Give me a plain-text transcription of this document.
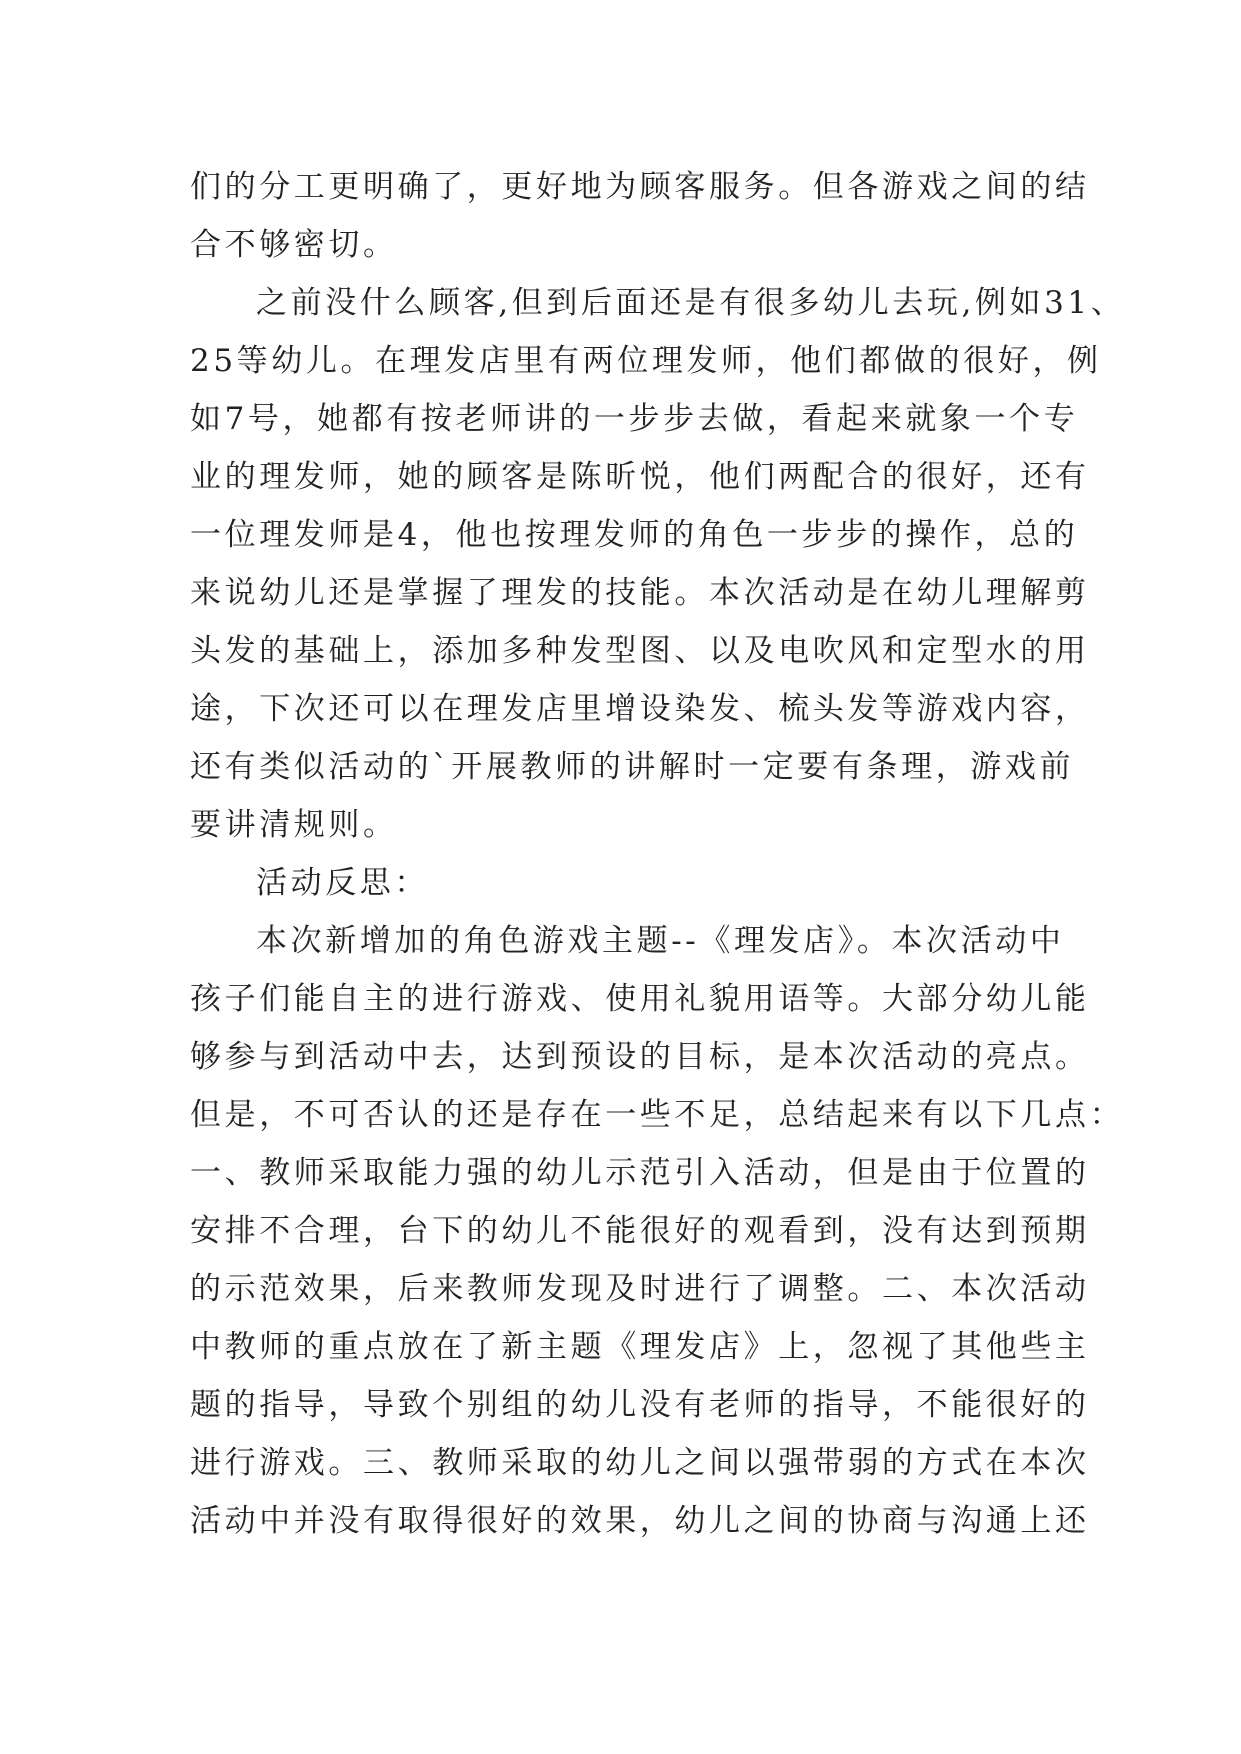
们的分工更明确了，更好地为顾客服务。但各游戏之间的结
合不够密切。
之前没什么顾客,但到后面还是有很多幼儿去玩,例如31、
25等幼儿。在理发店里有两位理发师，他们都做的很好，例
如7号，她都有按老师讲的一步步去做，看起来就象一个专
业的理发师，她的顾客是陈昕悦，他们两配合的很好，还有
一位理发师是4，他也按理发师的角色一步步的操作，总的
来说幼儿还是掌握了理发的技能。本次活动是在幼儿理解剪
头发的基础上，添加多种发型图、以及电吹风和定型水的用
途，下次还可以在理发店里增设染发、梳头发等游戏内容，
还有类似活动的`开展教师的讲解时一定要有条理，游戏前
要讲清规则。
活动反思：
本次新增加的角色游戏主题--《理发店》。本次活动中
孩子们能自主的进行游戏、使用礼貌用语等。大部分幼儿能
够参与到活动中去，达到预设的目标，是本次活动的亮点。
但是，不可否认的还是存在一些不足，总结起来有以下几点：
一、教师采取能力强的幼儿示范引入活动，但是由于位置的
安排不合理，台下的幼儿不能很好的观看到，没有达到预期
的示范效果，后来教师发现及时进行了调整。二、本次活动
中教师的重点放在了新主题《理发店》上，忽视了其他些主
题的指导，导致个别组的幼儿没有老师的指导，不能很好的
进行游戏。三、教师采取的幼儿之间以强带弱的方式在本次
活动中并没有取得很好的效果，幼儿之间的协商与沟通上还
